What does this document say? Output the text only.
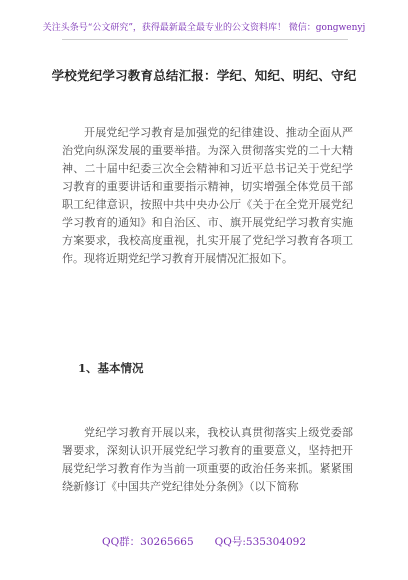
关注头条号“公文研究”，获得最新最全最专业的公文资料库！ 微信：gongwenyj
学校党纪学习教育总结汇报：学纪、知纪、明纪、守纪

开展党纪学习教育是加强党的纪律建设、推动全面从严治党向纵深发展的重要举措。为深入贯彻落实党的二十大精神、二十届中纪委三次全会精神和习近平总书记关于党纪学习教育的重要讲话和重要指示精神，切实增强全体党员干部职工纪律意识，按照中共中央办公厅《关于在全党开展党纪学习教育的通知》和自治区、市、旗开展党纪学习教育实施方案要求，我校高度重视，扎实开展了党纪学习教育各项工作。现将近期党纪学习教育开展情况汇报如下。

1、基本情况

党纪学习教育开展以来，我校认真贯彻落实上级党委部署要求，深刻认识开展党纪学习教育的重要意义，坚持把开展党纪学习教育作为当前一项重要的政治任务来抓。紧紧围绕新修订《中国共产党纪律处分条例》（以下简称

QQ群：30265665　　QQ号:535304092
